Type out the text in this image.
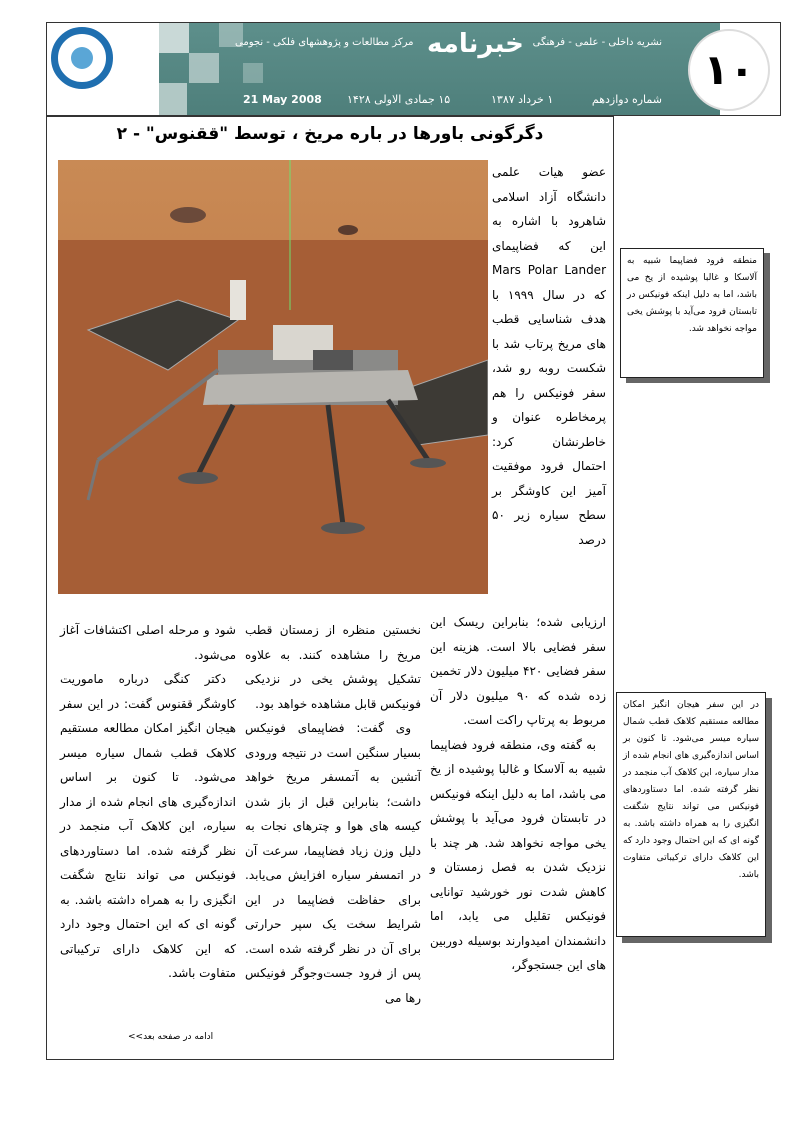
خبرنامه نشریه داخلی - علمی - فرهنگی
مرکز مطالعات و پژوهشهای فلکی - نجومی
شماره دوازدهم
۱ خرداد ۱۳۸۷
۱۵ جمادی الاولی ۱۴۲۸
21 May 2008
۱۰
دگرگونی باورها در باره مریخ ، توسط "ققنوس" - ۲

عضو هیات علمی دانشگاه آزاد اسلامی شاهرود با اشاره به این که فضاپیمای Mars Polar Lander که در سال ۱۹۹۹ با هدف شناسایی قطب های مریخ پرتاب شد با شکست روبه رو شد، سفر فونیکس را هم پرمخاطره عنوان و خاطرنشان کرد: احتمال فرود موفقیت آمیز این کاوشگر بر سطح سیاره زیر ۵۰ درصد

ارزیابی شده؛ بنابراین ریسک این سفر فضایی بالا است. هزینه این سفر فضایی ۴۲۰ میلیون دلار تخمین زده شده که ۹۰ میلیون دلار آن مربوط به پرتاپ راکت است.

به گفته وی، منطقه فرود فضاپیما شبیه به آلاسکا و غالبا پوشیده از یخ می باشد، اما به دلیل اینکه فونیکس در تابستان فرود می‌آید با پوشش یخی مواجه نخواهد شد. هر چند با نزدیک شدن به فصل زمستان و کاهش شدت نور خورشید توانایی فونیکس تقلیل می یابد، اما دانشمندان امیدوارند بوسیله دوربین های این جستجوگر،

نخستین منظره از زمستان قطب مریخ را مشاهده کنند. به علاوه تشکیل پوشش یخی در نزدیکی فونیکس قابل مشاهده خواهد بود.

وی گفت: فضاپیمای فونیکس بسیار سنگین است در نتیجه ورودی آتشین به آتمسفر مریخ خواهد داشت؛ بنابراین قبل از باز شدن کیسه های هوا و چترهای نجات به دلیل وزن زیاد فضاپیما، سرعت آن در اتمسفر سیاره افزایش می‌یابد. برای حفاظت فضاپیما در این شرایط سخت یک سپر حرارتی برای آن در نظر گرفته شده است. پس از فرود جست‌وجوگر فونیکس رها می

شود و مرحله اصلی اکتشافات آغاز می‌شود.

دکتر کنگی درباره ماموریت کاوشگر ققنوس گفت: در این سفر هیجان انگیز امکان مطالعه مستقیم کلاهک قطب شمال سیاره میسر می‌شود. تا کنون بر اساس اندازه‌گیری های انجام شده از مدار سیاره، این کلاهک آب منجمد در نظر گرفته شده. اما دستاوردهای فونیکس می تواند نتایج شگفت انگیزی را به همراه داشته باشد. به گونه ای که این احتمال وجود دارد که این کلاهک دارای ترکیباتی متفاوت باشد.

ادامه در صفحه بعد>>
منطقه فرود فضاپیما شبیه به آلاسکا و غالبا پوشیده از یخ می باشد، اما به دلیل اینکه فونیکس در تابستان فرود می‌آید با پوشش یخی مواجه نخواهد شد.
در این سفر هیجان انگیز امکان مطالعه مستقیم کلاهک قطب شمال سیاره میسر می‌شود. تا کنون بر اساس اندازه‌گیری های انجام شده از مدار سیاره، این کلاهک آب منجمد در نظر گرفته شده. اما دستاوردهای فونیکس می تواند نتایج شگفت انگیزی را به همراه داشته باشد. به گونه ای که این احتمال وجود دارد که این کلاهک دارای ترکیباتی متفاوت باشد.
